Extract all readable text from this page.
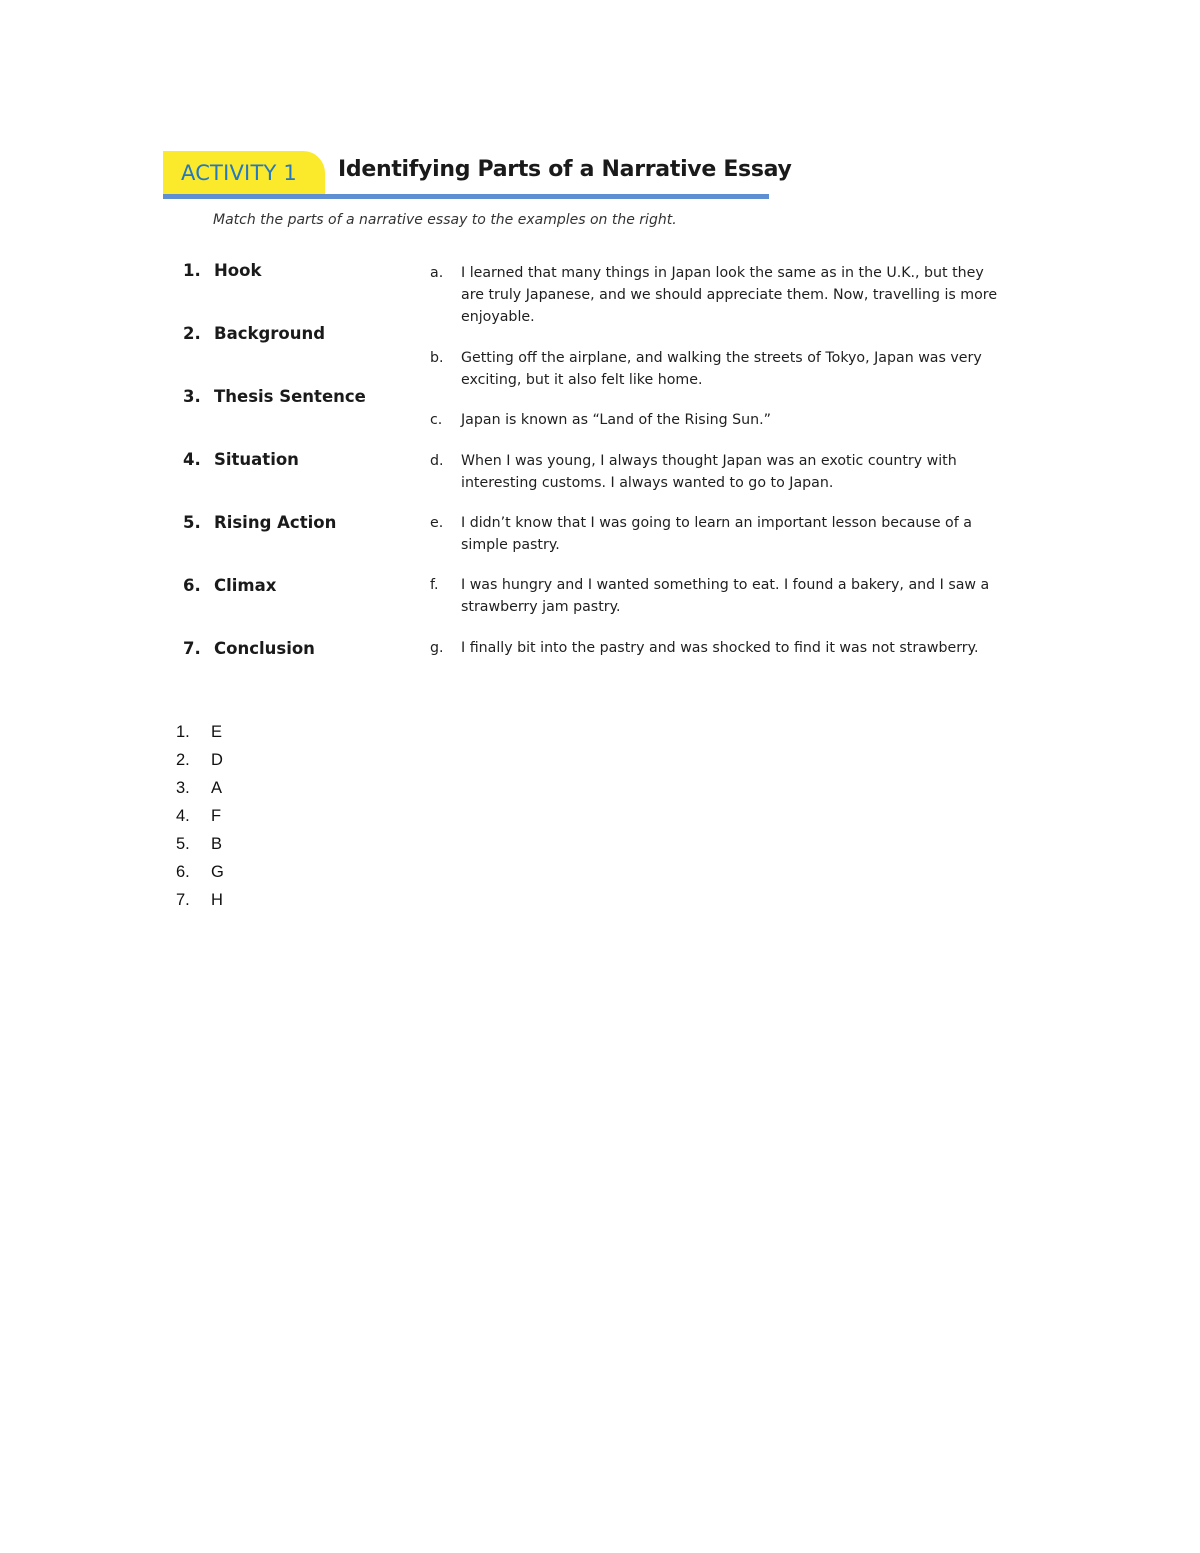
ACTIVITY 1 Identifying Parts of a Narrative Essay
Match the parts of a narrative essay to the examples on the right.
1. Hook
2. Background
3. Thesis Sentence
4. Situation
5. Rising Action
6. Climax
7. Conclusion
a. I learned that many things in Japan look the same as in the U.K., but they are truly Japanese, and we should appreciate them. Now, travelling is more enjoyable.
b. Getting off the airplane, and walking the streets of Tokyo, Japan was very exciting, but it also felt like home.
c. Japan is known as “Land of the Rising Sun.”
d. When I was young, I always thought Japan was an exotic country with interesting customs. I always wanted to go to Japan.
e. I didn’t know that I was going to learn an important lesson because of a simple pastry.
f. I was hungry and I wanted something to eat. I found a bakery, and I saw a strawberry jam pastry.
g. I finally bit into the pastry and was shocked to find it was not strawberry.
1. E
2. D
3. A
4. F
5. B
6. G
7. H
